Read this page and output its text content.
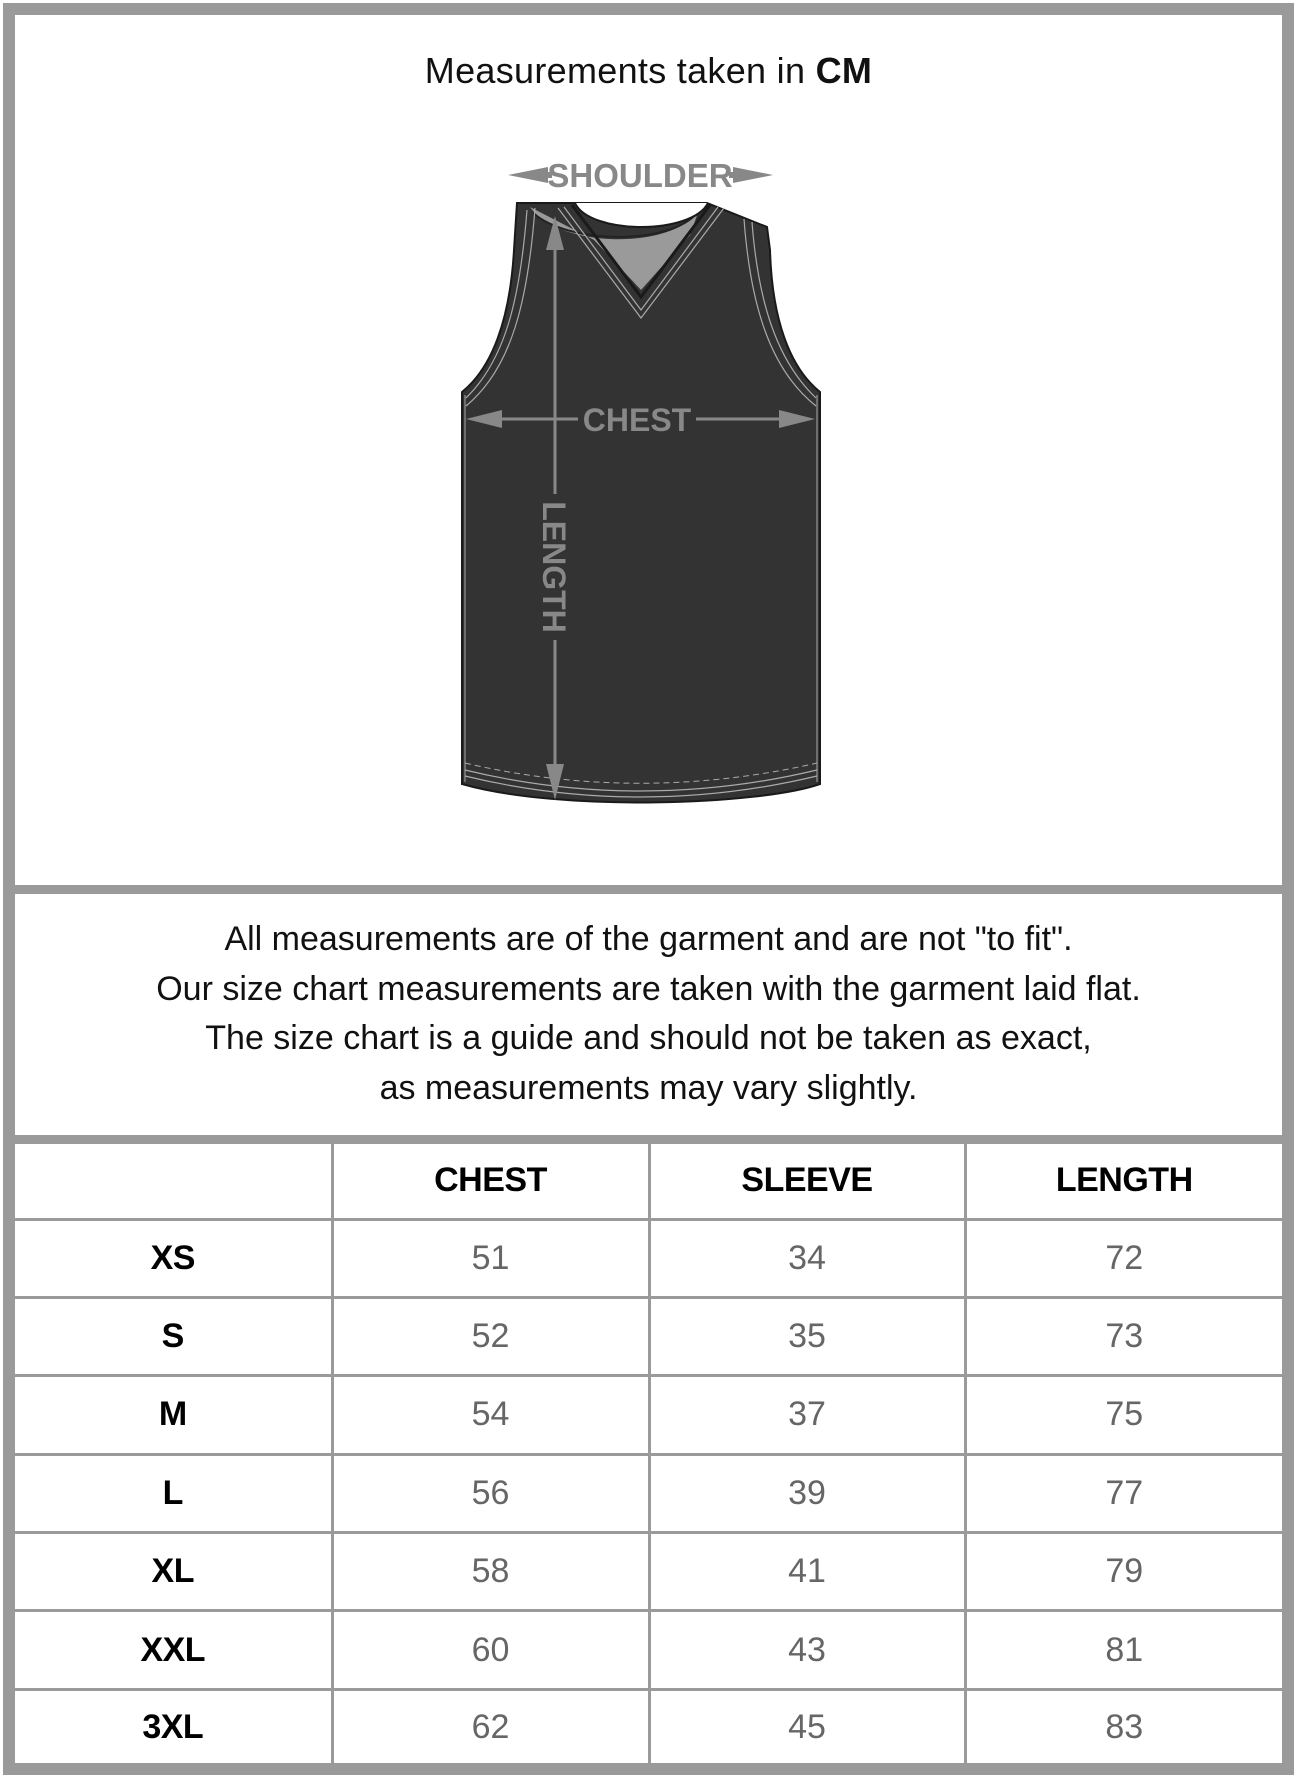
Measurements taken in CM
SHOULDER
CHEST
LENGTH
All measurements are of the garment and are not "to fit".
Our size chart measurements are taken with the garment laid flat.
The size chart is a guide and should not be taken as exact,
as measurements may vary slightly.
	CHEST	SLEEVE	LENGTH
XS	51	34	72
S	52	35	73
M	54	37	75
L	56	39	77
XL	58	41	79
XXL	60	43	81
3XL	62	45	83
